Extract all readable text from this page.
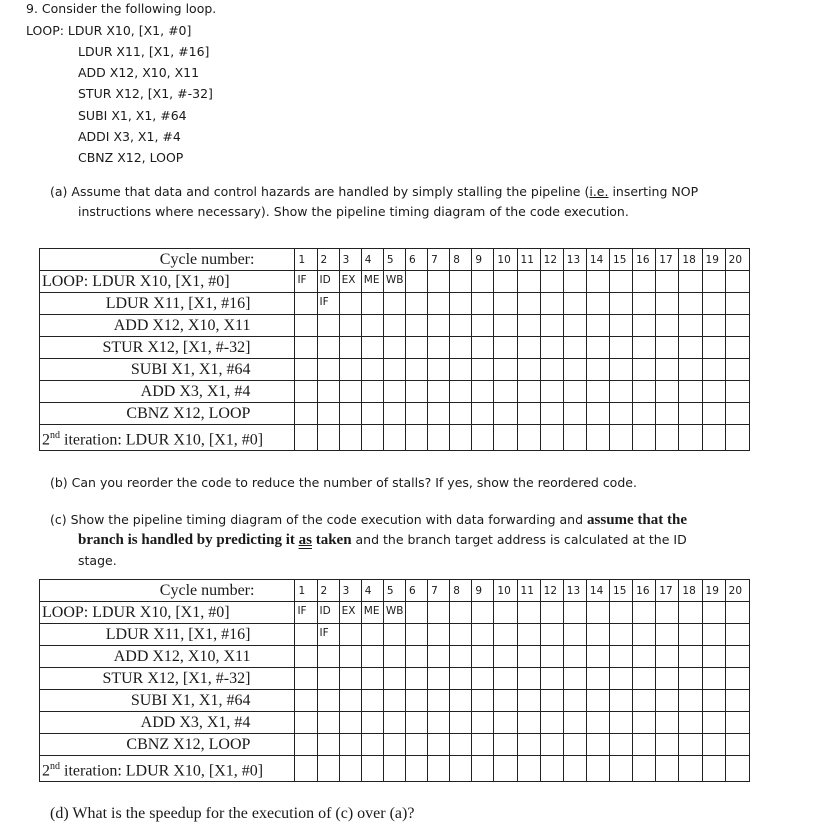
9. Consider the following loop.
LOOP: LDUR X10, [X1, #0]
LDUR X11, [X1, #16]
ADD X12, X10, X11
STUR X12, [X1, #-32]
SUBI X1, X1, #64
ADDI X3, X1, #4
CBNZ X12, LOOP
(a) Assume that data and control hazards are handled by simply stalling the pipeline (i.e. inserting NOP
instructions where necessary). Show the pipeline timing diagram of the code execution.
Cycle number:	1	2	3	4	5	6	7	8	9	10	11	12	13	14	15	16	17	18	19	20
LOOP: LDUR X10, [X1, #0]	IF	ID	EX	ME	WB															
LDUR X11, [X1, #16]		IF																		
ADD X12, X10, X11																				
STUR X12, [X1, #-32]																				
SUBI X1, X1, #64																				
ADD X3, X1, #4																				
CBNZ X12, LOOP																				
2nd iteration: LDUR X10, [X1, #0]																				
(b) Can you reorder the code to reduce the number of stalls? If yes, show the reordered code.
(c) Show the pipeline timing diagram of the code execution with data forwarding and assume that the
branch is handled by predicting it as taken and the branch target address is calculated at the ID
stage.
Cycle number:	1	2	3	4	5	6	7	8	9	10	11	12	13	14	15	16	17	18	19	20
LOOP: LDUR X10, [X1, #0]	IF	ID	EX	ME	WB															
LDUR X11, [X1, #16]		IF																		
ADD X12, X10, X11																				
STUR X12, [X1, #-32]																				
SUBI X1, X1, #64																				
ADD X3, X1, #4																				
CBNZ X12, LOOP																				
2nd iteration: LDUR X10, [X1, #0]																				
(d) What is the speedup for the execution of (c) over (a)?
